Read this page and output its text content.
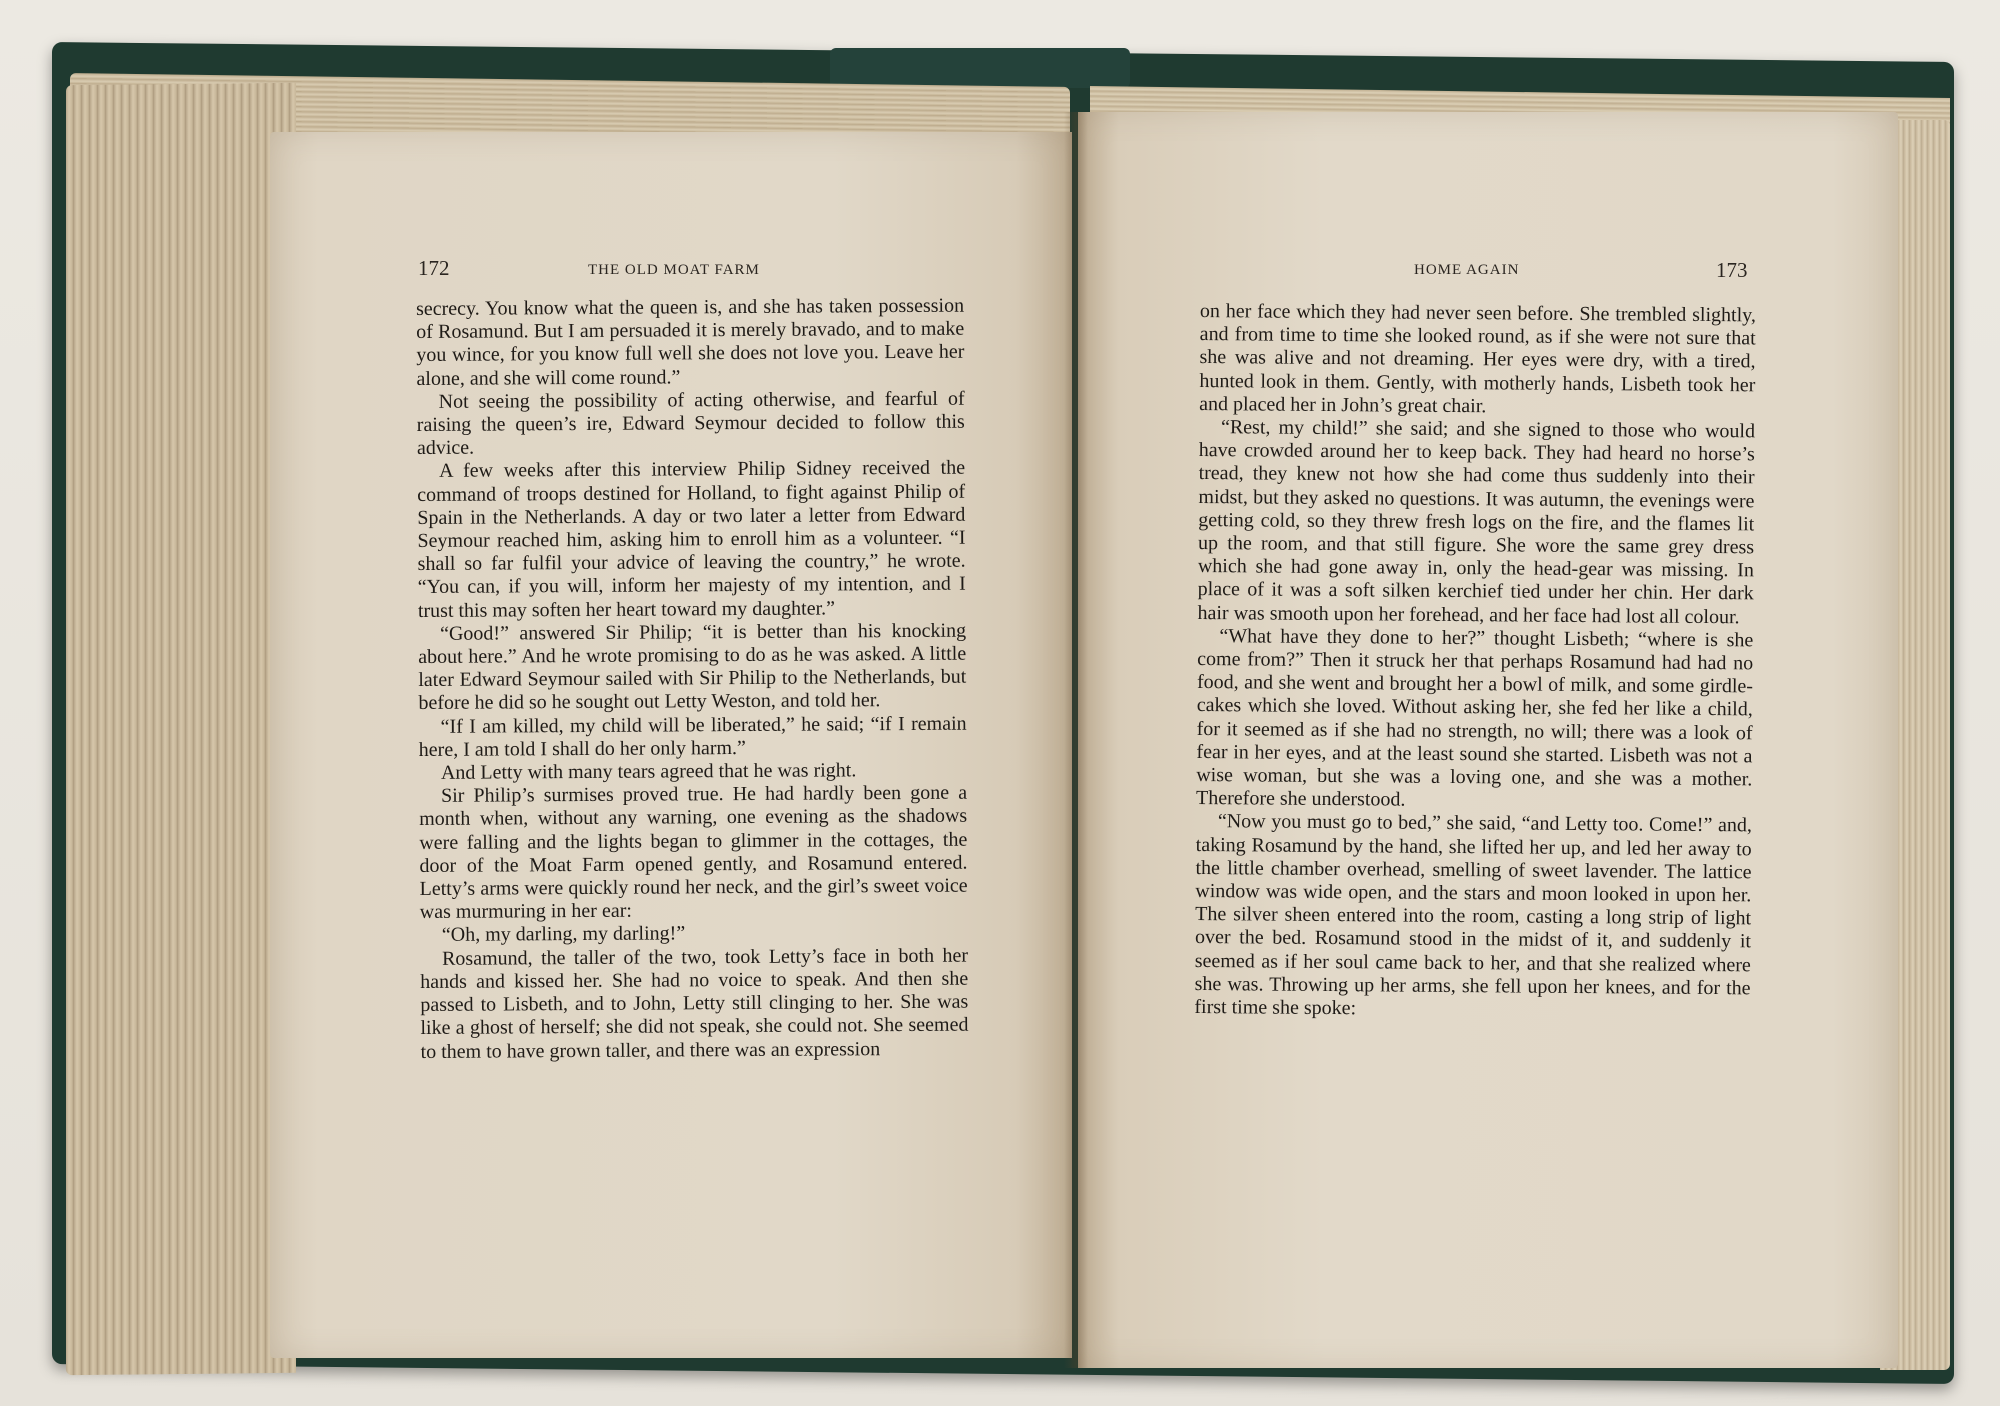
172	THE OLD MOAT FARM	HOME AGAIN	173

secrecy. You know what the queen is, and she has taken possession of Rosamund. But I am persuaded it is merely bravado, and to make you wince, for you know full well she does not love you. Leave her alone, and she will come round.”

Not seeing the possibility of acting otherwise, and fearful of raising the queen’s ire, Edward Seymour decided to follow this advice.

A few weeks after this interview Philip Sidney received the command of troops destined for Holland, to fight against Philip of Spain in the Netherlands. A day or two later a letter from Edward Seymour reached him, asking him to enroll him as a volunteer. “I shall so far fulfil your advice of leaving the country,” he wrote. “You can, if you will, inform her majesty of my intention, and I trust this may soften her heart toward my daughter.”

“Good!” answered Sir Philip; “it is better than his knocking about here.” And he wrote promising to do as he was asked. A little later Edward Seymour sailed with Sir Philip to the Netherlands, but before he did so he sought out Letty Weston, and told her.

“If I am killed, my child will be liberated,” he said; “if I remain here, I am told I shall do her only harm.”

And Letty with many tears agreed that he was right.

Sir Philip’s surmises proved true. He had hardly been gone a month when, without any warning, one evening as the shadows were falling and the lights began to glimmer in the cottages, the door of the Moat Farm opened gently, and Rosamund entered. Letty’s arms were quickly round her neck, and the girl’s sweet voice was murmuring in her ear:

“Oh, my darling, my darling!”

Rosamund, the taller of the two, took Letty’s face in both her hands and kissed her. She had no voice to speak. And then she passed to Lisbeth, and to John, Letty still clinging to her. She was like a ghost of herself; she did not speak, she could not. She seemed to them to have grown taller, and there was an expression

on her face which they had never seen before. She trembled slightly, and from time to time she looked round, as if she were not sure that she was alive and not dreaming. Her eyes were dry, with a tired, hunted look in them. Gently, with motherly hands, Lisbeth took her and placed her in John’s great chair.

“Rest, my child!” she said; and she signed to those who would have crowded around her to keep back. They had heard no horse’s tread, they knew not how she had come thus suddenly into their midst, but they asked no questions. It was autumn, the evenings were getting cold, so they threw fresh logs on the fire, and the flames lit up the room, and that still figure. She wore the same grey dress which she had gone away in, only the head-gear was missing. In place of it was a soft silken kerchief tied under her chin. Her dark hair was smooth upon her forehead, and her face had lost all colour.

“What have they done to her?” thought Lisbeth; “where is she come from?” Then it struck her that perhaps Rosamund had had no food, and she went and brought her a bowl of milk, and some girdle-cakes which she loved. Without asking her, she fed her like a child, for it seemed as if she had no strength, no will; there was a look of fear in her eyes, and at the least sound she started. Lisbeth was not a wise woman, but she was a loving one, and she was a mother. Therefore she understood.

“Now you must go to bed,” she said, “and Letty too. Come!” and, taking Rosamund by the hand, she lifted her up, and led her away to the little chamber overhead, smelling of sweet lavender. The lattice window was wide open, and the stars and moon looked in upon her. The silver sheen entered into the room, casting a long strip of light over the bed. Rosamund stood in the midst of it, and suddenly it seemed as if her soul came back to her, and that she realized where she was. Throwing up her arms, she fell upon her knees, and for the first time she spoke:
